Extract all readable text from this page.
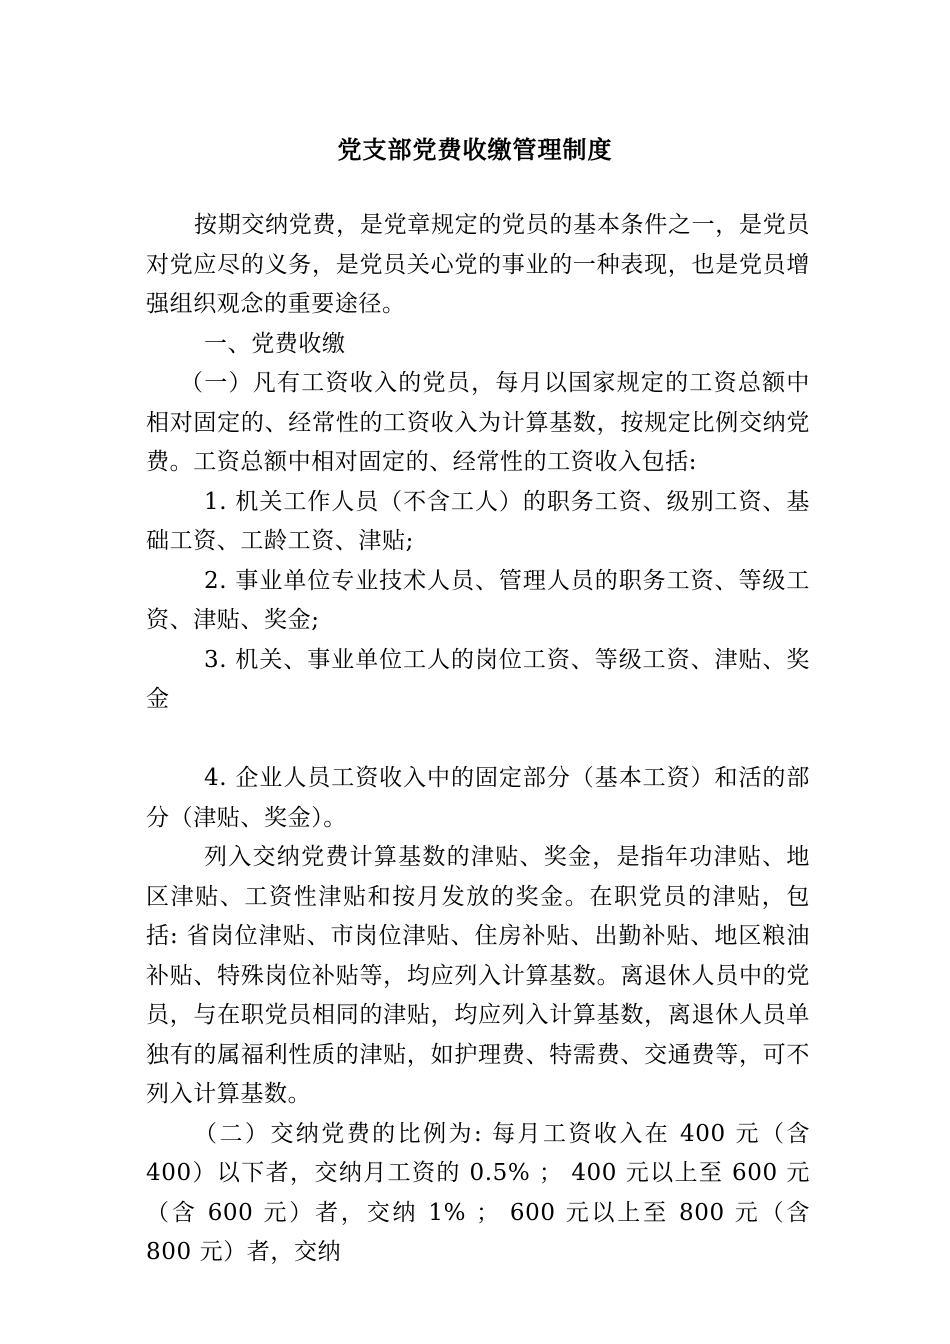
党支部党费收缴管理制度

按期交纳党费，是党章规定的党员的基本条件之一，是党员对党应尽的义务，是党员关心党的事业的一种表现，也是党员增强组织观念的重要途径。

一、党费收缴

（一）凡有工资收入的党员，每月以国家规定的工资总额中相对固定的、经常性的工资收入为计算基数，按规定比例交纳党费。工资总额中相对固定的、经常性的工资收入包括:

1. 机关工作人员（不含工人）的职务工资、级别工资、基础工资、工龄工资、津贴;

2. 事业单位专业技术人员、管理人员的职务工资、等级工资、津贴、奖金;

3. 机关、事业单位工人的岗位工资、等级工资、津贴、奖金

4. 企业人员工资收入中的固定部分（基本工资）和活的部分（津贴、奖金）。

列入交纳党费计算基数的津贴、奖金，是指年功津贴、地区津贴、工资性津贴和按月发放的奖金。在职党员的津贴，包括: 省岗位津贴、市岗位津贴、住房补贴、出勤补贴、地区粮油补贴、特殊岗位补贴等，均应列入计算基数。离退休人员中的党员，与在职党员相同的津贴，均应列入计算基数，离退休人员单独有的属福利性质的津贴，如护理费、特需费、交通费等，可不列入计算基数。

（二）交纳党费的比例为: 每月工资收入在 400 元（含 400）以下者，交纳月工资的 0.5% ； 400 元以上至 600 元（含 600 元）者，交纳 1% ； 600 元以上至 800 元（含 800 元）者，交纳
